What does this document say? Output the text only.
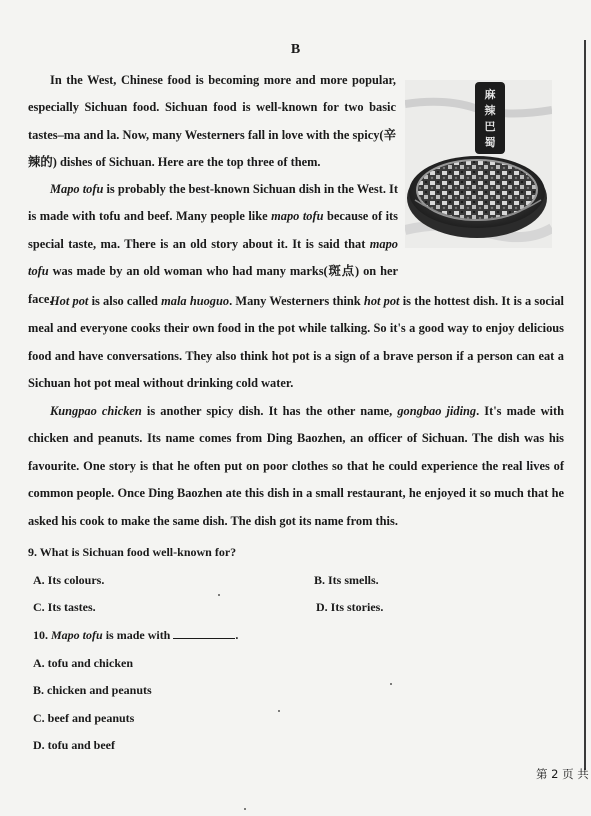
B

In the West, Chinese food is becoming more and more popular, especially Sichuan food. Sichuan food is well-known for two basic tastes–ma and la. Now, many Westerners fall in love with the spicy(辛辣的) dishes of Sichuan. Here are the top three of them.

麻
辣
巴
蜀

Mapo tofu is probably the best-known Sichuan dish in the West. It is made with tofu and beef. Many people like mapo tofu because of its special taste, ma. There is an old story about it. It is said that mapo tofu was made by an old woman who had many marks(斑点) on her face.

Hot pot is also called mala huoguo. Many Westerners think hot pot is the hottest dish. It is a social meal and everyone cooks their own food in the pot while talking. So it's a good way to enjoy delicious food and have conversations. They also think hot pot is a sign of a brave person if a person can eat a Sichuan hot pot meal without drinking cold water.

Kungpao chicken is another spicy dish. It has the other name, gongbao jiding. It's made with chicken and peanuts. Its name comes from Ding Baozhen, an officer of Sichuan. The dish was his favourite. One story is that he often put on poor clothes so that he could experience the real lives of common people. Once Ding Baozhen ate this dish in a small restaurant, he enjoyed it so much that he asked his cook to make the same dish. The dish got its name from this.

9. What is Sichuan food well-known for?

A. Its colours.	B. Its smells.

C. Its tastes.	D. Its stories.

10. Mapo tofu is made with	.

A. tofu and chicken

B. chicken and peanuts

C. beef and peanuts

D. tofu and beef

第 2 页 共
